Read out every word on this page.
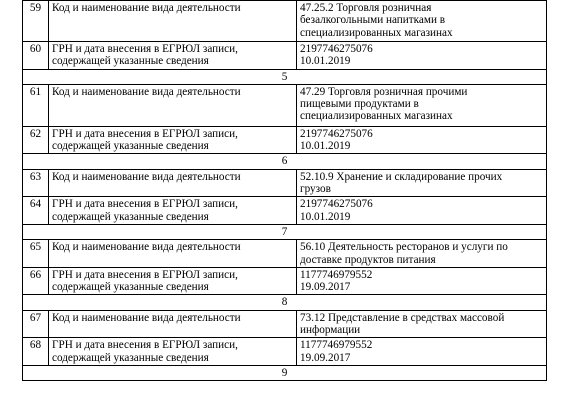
59	Код и наименование вида деятельности	47.25.2 Торговля розничная
безалкогольными напитками в
специализированных магазинах

60	ГРН и дата внесения в ЕГРЮЛ записи,
содержащей указанные сведения	2197746275076
10.01.2019

5		
61	Код и наименование вида деятельности	47.29 Торговля розничная прочими
пищевыми продуктами в
специализированных магазинах

62	ГРН и дата внесения в ЕГРЮЛ записи,
содержащей указанные сведения	2197746275076
10.01.2019

6		
63	Код и наименование вида деятельности	52.10.9 Хранение и складирование прочих
грузов

64	ГРН и дата внесения в ЕГРЮЛ записи,
содержащей указанные сведения	2197746275076
10.01.2019

7		
65	Код и наименование вида деятельности	56.10 Деятельность ресторанов и услуги по
доставке продуктов питания

66	ГРН и дата внесения в ЕГРЮЛ записи,
содержащей указанные сведения	1177746979552
19.09.2017

8		
67	Код и наименование вида деятельности	73.12 Представление в средствах массовой
информации

68	ГРН и дата внесения в ЕГРЮЛ записи,
содержащей указанные сведения	1177746979552
19.09.2017

9		
